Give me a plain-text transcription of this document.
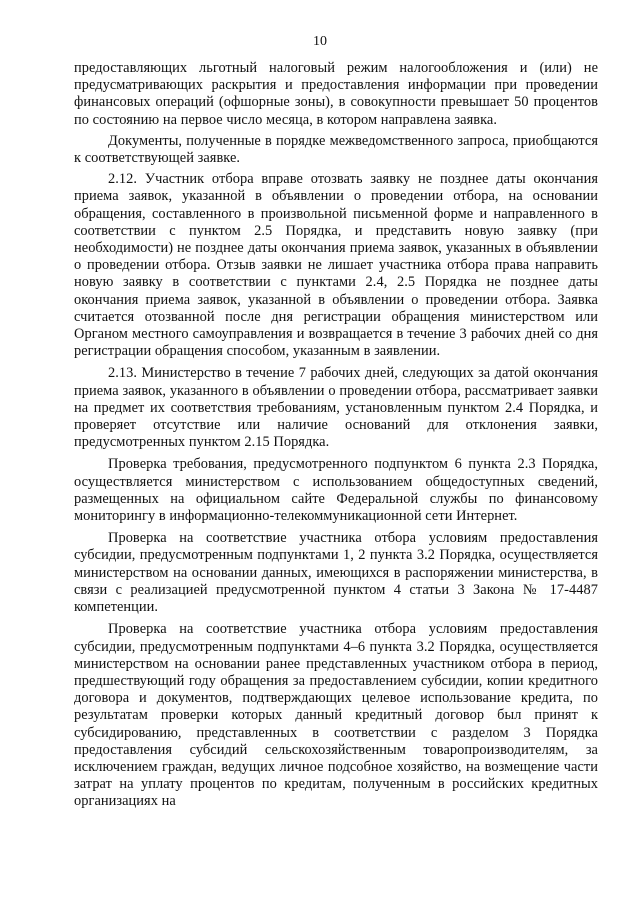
10

предоставляющих льготный налоговый режим налогообложения и (или) не предусматривающих раскрытия и предоставления информации при проведении финансовых операций (офшорные зоны), в совокупности превышает 50 процентов по состоянию на первое число месяца, в котором направлена заявка.

Документы, полученные в порядке межведомственного запроса, приобщаются к соответствующей заявке.

2.12. Участник отбора вправе отозвать заявку не позднее даты окончания приема заявок, указанной в объявлении о проведении отбора, на основании обращения, составленного в произвольной письменной форме и направленного в соответствии с пунктом 2.5 Порядка, и представить новую заявку (при необходимости) не позднее даты окончания приема заявок, указанных в объявлении о проведении отбора. Отзыв заявки не лишает участника отбора права направить новую заявку в соответствии с пунктами 2.4, 2.5 Порядка не позднее даты окончания приема заявок, указанной в объявлении о проведении отбора. Заявка считается отозванной после дня регистрации обращения министерством или Органом местного самоуправления и возвращается в течение 3 рабочих дней со дня регистрации обращения способом, указанным в заявлении.

2.13. Министерство в течение 7 рабочих дней, следующих за датой окончания приема заявок, указанного в объявлении о проведении отбора, рассматривает заявки на предмет их соответствия требованиям, установленным пунктом 2.4 Порядка, и проверяет отсутствие или наличие оснований для отклонения заявки, предусмотренных пунктом 2.15 Порядка.

Проверка требования, предусмотренного подпунктом 6 пункта 2.3 Порядка, осуществляется министерством с использованием общедоступных сведений, размещенных на официальном сайте Федеральной службы по финансовому мониторингу в информационно-телекоммуникационной сети Интернет.

Проверка на соответствие участника отбора условиям предоставления субсидии, предусмотренным подпунктами 1, 2 пункта 3.2 Порядка, осуществляется министерством на основании данных, имеющихся в распоряжении министерства, в связи с реализацией предусмотренной пунктом 4 статьи 3 Закона № 17-4487 компетенции.

Проверка на соответствие участника отбора условиям предоставления субсидии, предусмотренным подпунктами 4–6 пункта 3.2 Порядка, осуществляется министерством на основании ранее представленных участником отбора в период, предшествующий году обращения за предоставлением субсидии, копии кредитного договора и документов, подтверждающих целевое использование кредита, по результатам проверки которых данный кредитный договор был принят к субсидированию, представленных в соответствии с разделом 3 Порядка предоставления субсидий сельскохозяйственным товаропроизводителям, за исключением граждан, ведущих личное подсобное хозяйство, на возмещение части затрат на уплату процентов по кредитам, полученным в российских кредитных организациях на
